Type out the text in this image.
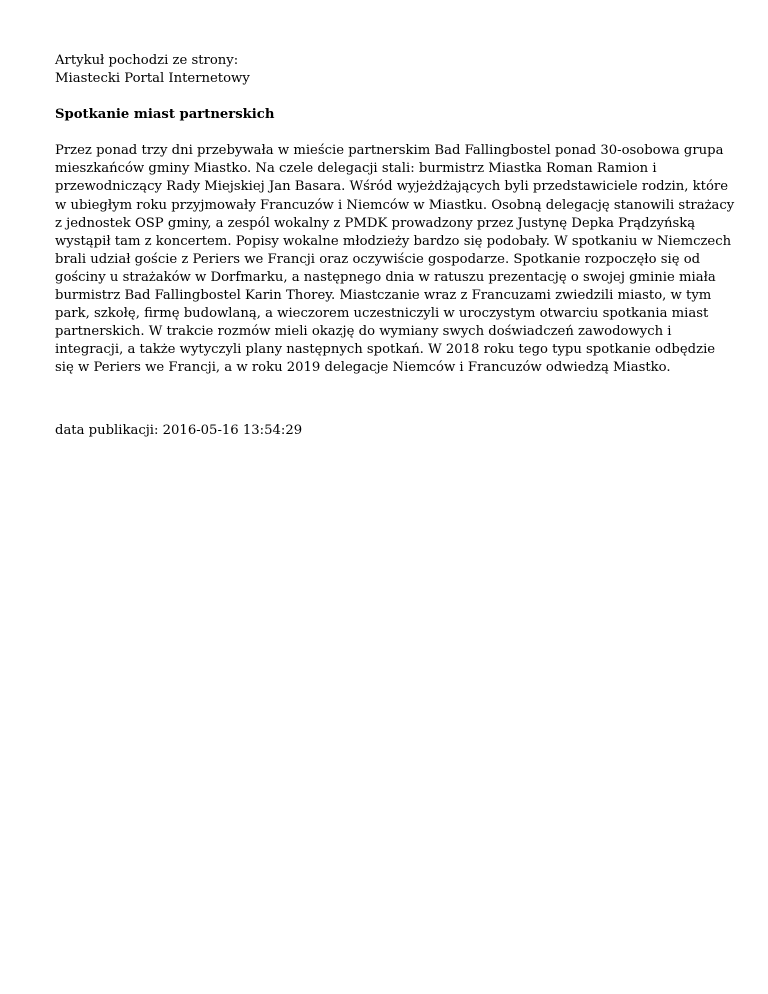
Artykuł pochodzi ze strony:

Miastecki Portal Internetowy

Spotkanie miast partnerskich
Przez ponad trzy dni przebywała w mieście partnerskim Bad Fallingbostel ponad 30-osobowa grupa
mieszkańców gminy Miastko. Na czele delegacji stali: burmistrz Miastka Roman Ramion i
przewodniczący Rady Miejskiej Jan Basara. Wśród wyjeżdżających byli przedstawiciele rodzin, które
w ubiegłym roku przyjmowały Francuzów i Niemców w Miastku. Osobną delegację stanowili strażacy
z jednostek OSP gminy, a zespól wokalny z PMDK prowadzony przez Justynę Depka Prądzyńską
wystąpił tam z koncertem. Popisy wokalne młodzieży bardzo się podobały. W spotkaniu w Niemczech
brali udział goście z Periers we Francji oraz oczywiście gospodarze. Spotkanie rozpoczęło się od
gościny u strażaków w Dorfmarku, a następnego dnia w ratuszu prezentację o swojej gminie miała
burmistrz Bad Fallingbostel Karin Thorey. Miastczanie wraz z Francuzami zwiedzili miasto, w tym
park, szkołę, firmę budowlaną, a wieczorem uczestniczyli w uroczystym otwarciu spotkania miast
partnerskich. W trakcie rozmów mieli okazję do wymiany swych doświadczeń zawodowych i
integracji, a także wytyczyli plany następnych spotkań. W 2018 roku tego typu spotkanie odbędzie
się w Periers we Francji, a w roku 2019 delegacje Niemców i Francuzów odwiedzą Miastko.
data publikacji: 2016-05-16 13:54:29
